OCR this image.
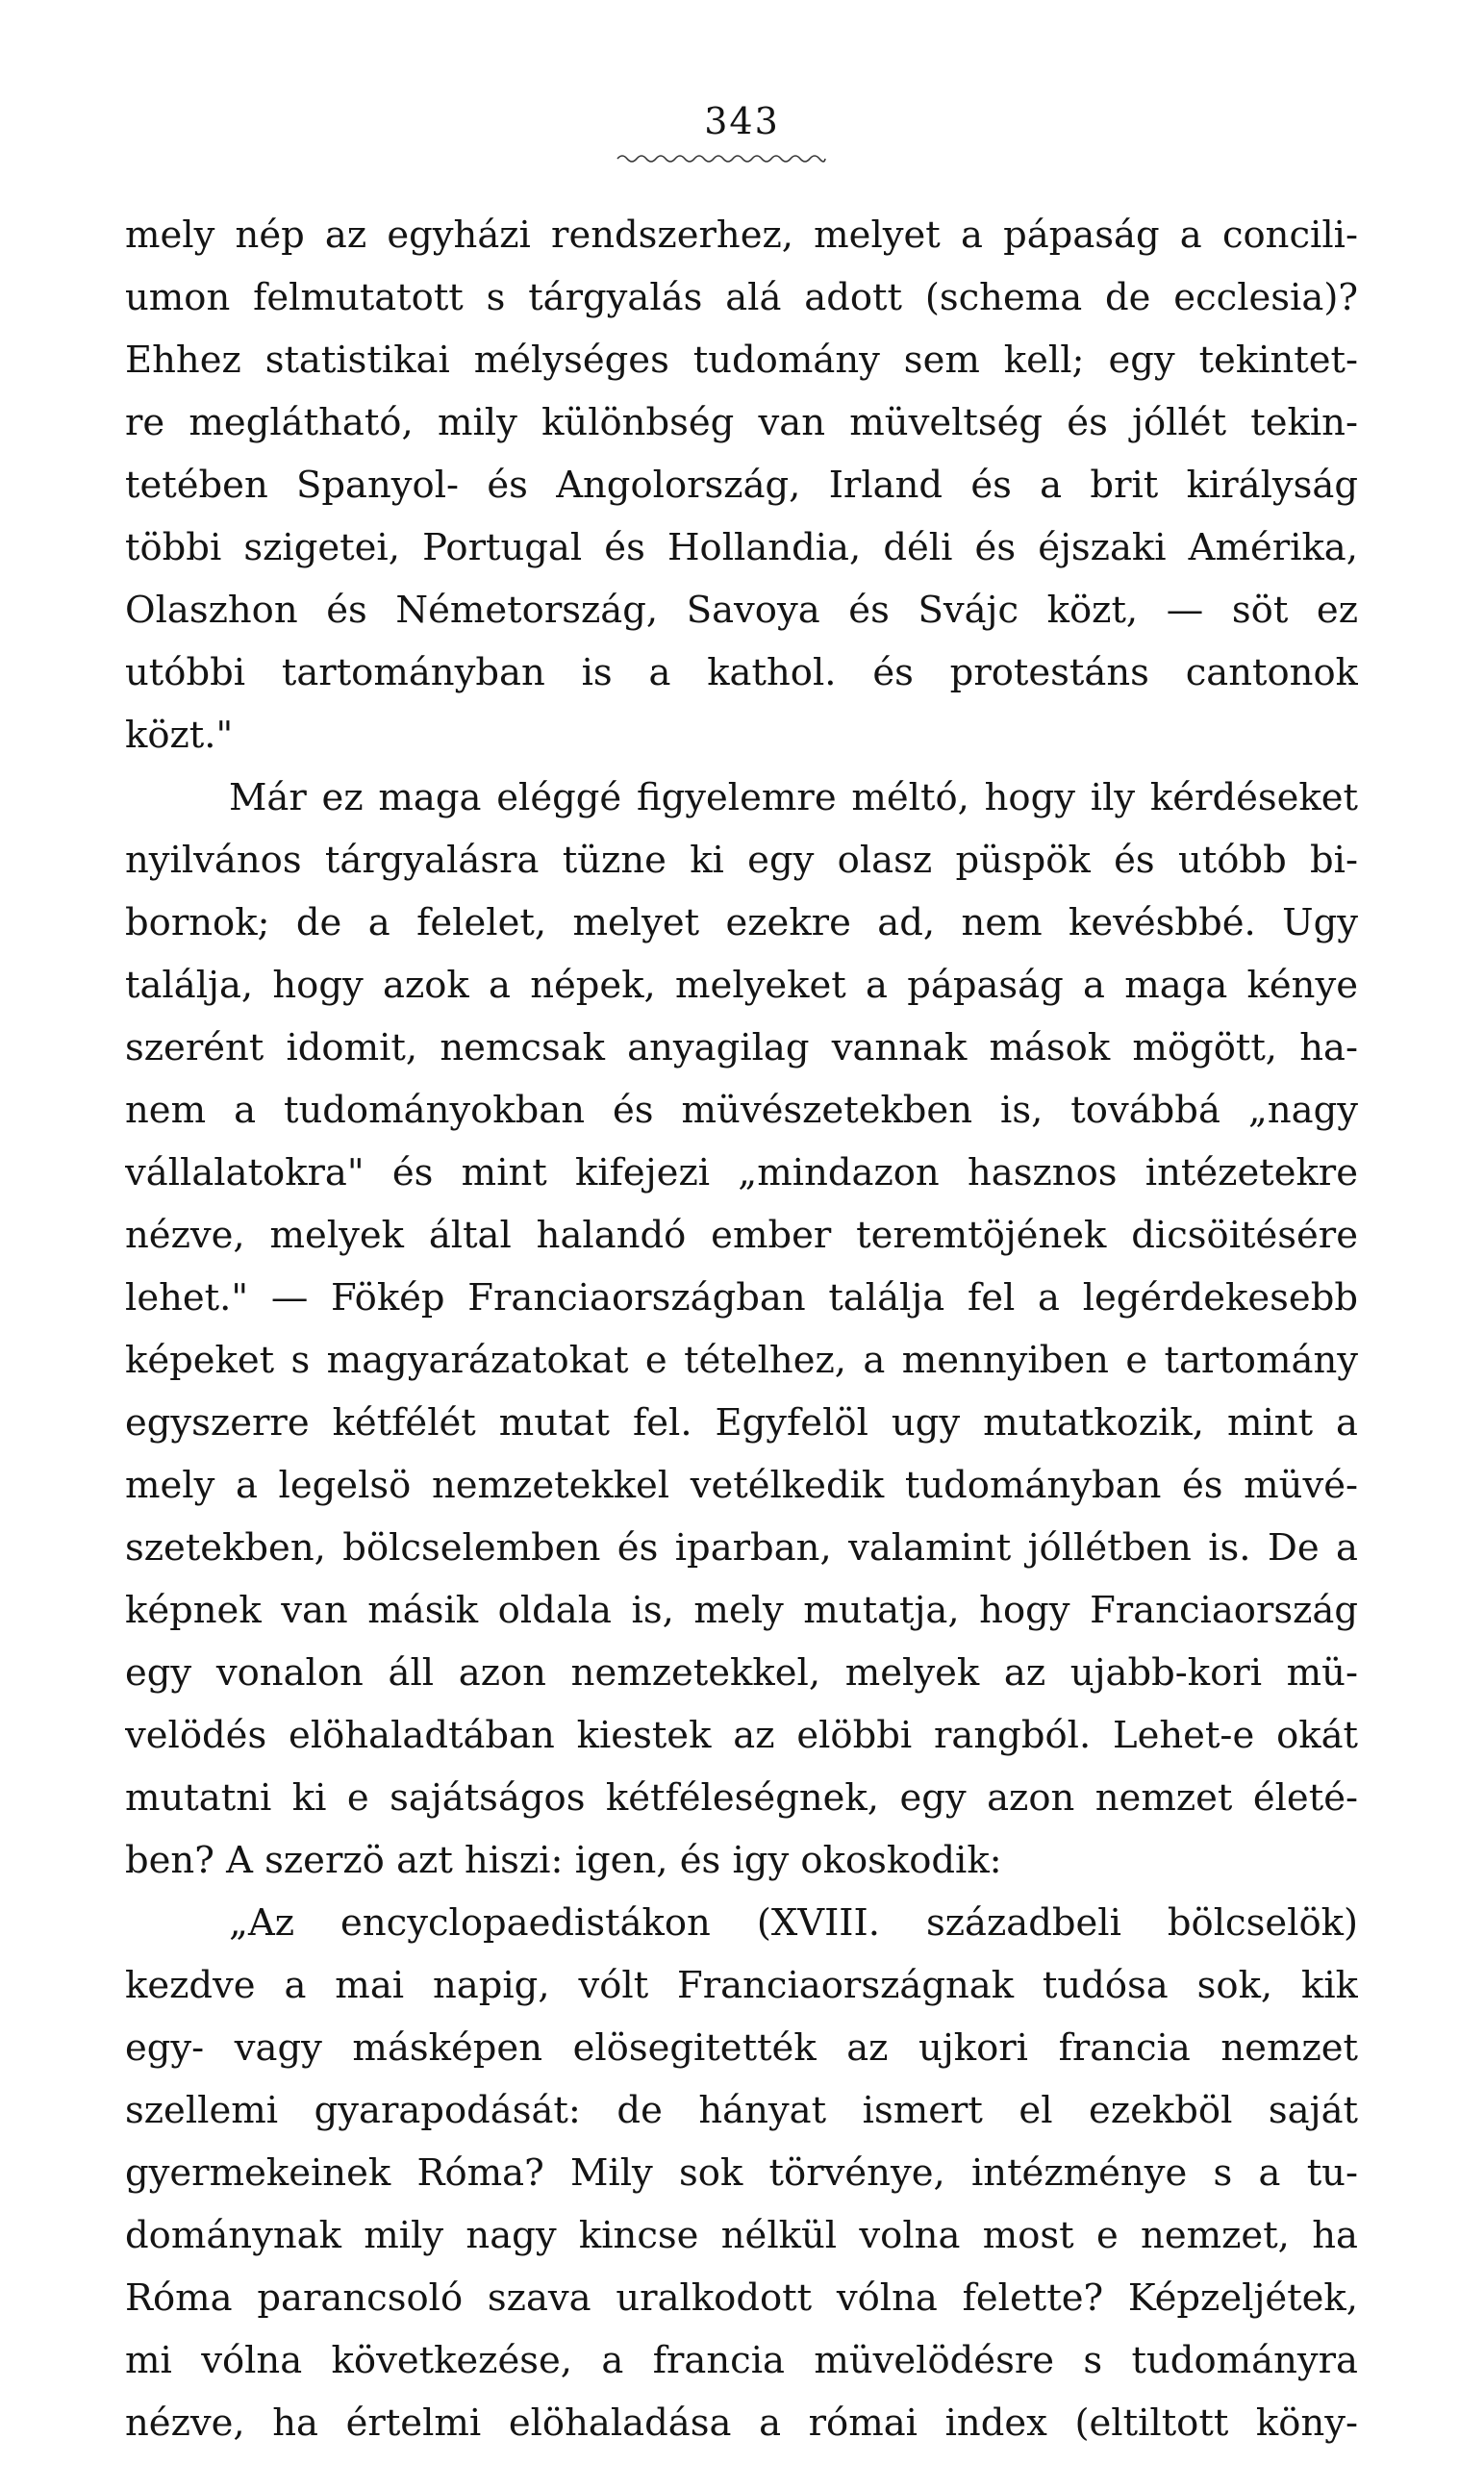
343
mely nép az egyházi rendszerhez, melyet a pápaság a concili-
umon felmutatott s tárgyalás alá adott (schema de ecclesia)?
Ehhez statistikai mélységes tudomány sem kell; egy tekintet-
re meglátható, mily különbség van müveltség és jóllét tekin-
tetében Spanyol- és Angolország, Irland és a brit királyság
többi szigetei, Portugal és Hollandia, déli és éjszaki Amérika,
Olaszhon és Németország, Savoya és Svájc közt, — söt ez
utóbbi tartományban is a kathol. és protestáns cantonok
közt."
Már ez maga eléggé figyelemre méltó, hogy ily kérdéseket
nyilvános tárgyalásra tüzne ki egy olasz püspök és utóbb bi-
bornok; de a felelet, melyet ezekre ad, nem kevésbbé. Ugy
találja, hogy azok a népek, melyeket a pápaság a maga kénye
szerént idomit, nemcsak anyagilag vannak mások mögött, ha-
nem a tudományokban és müvészetekben is, továbbá „nagy
vállalatokra" és mint kifejezi „mindazon hasznos intézetekre
nézve, melyek által halandó ember teremtöjének dicsöitésére
lehet." — Fökép Franciaországban találja fel a legérdekesebb
képeket s magyarázatokat e tételhez, a mennyiben e tartomány
egyszerre kétfélét mutat fel. Egyfelöl ugy mutatkozik, mint a
mely a legelsö nemzetekkel vetélkedik tudományban és müvé-
szetekben, bölcselemben és iparban, valamint jóllétben is. De a
képnek van másik oldala is, mely mutatja, hogy Franciaország
egy vonalon áll azon nemzetekkel, melyek az ujabb-kori mü-
velödés elöhaladtában kiestek az elöbbi rangból. Lehet-e okát
mutatni ki e sajátságos kétféleségnek, egy azon nemzet életé-
ben? A szerzö azt hiszi: igen, és igy okoskodik:
„Az encyclopaedistákon (XVIII. századbeli bölcselök)
kezdve a mai napig, vólt Franciaországnak tudósa sok, kik
egy- vagy másképen elösegitették az ujkori francia nemzet
szellemi gyarapodását: de hányat ismert el ezekböl saját
gyermekeinek Róma? Mily sok törvénye, intézménye s a tu-
dománynak mily nagy kincse nélkül volna most e nemzet, ha
Róma parancsoló szava uralkodott vólna felette? Képzeljétek,
mi vólna következése, a francia müvelödésre s tudományra
nézve, ha értelmi elöhaladása a római index (eltiltott köny-
